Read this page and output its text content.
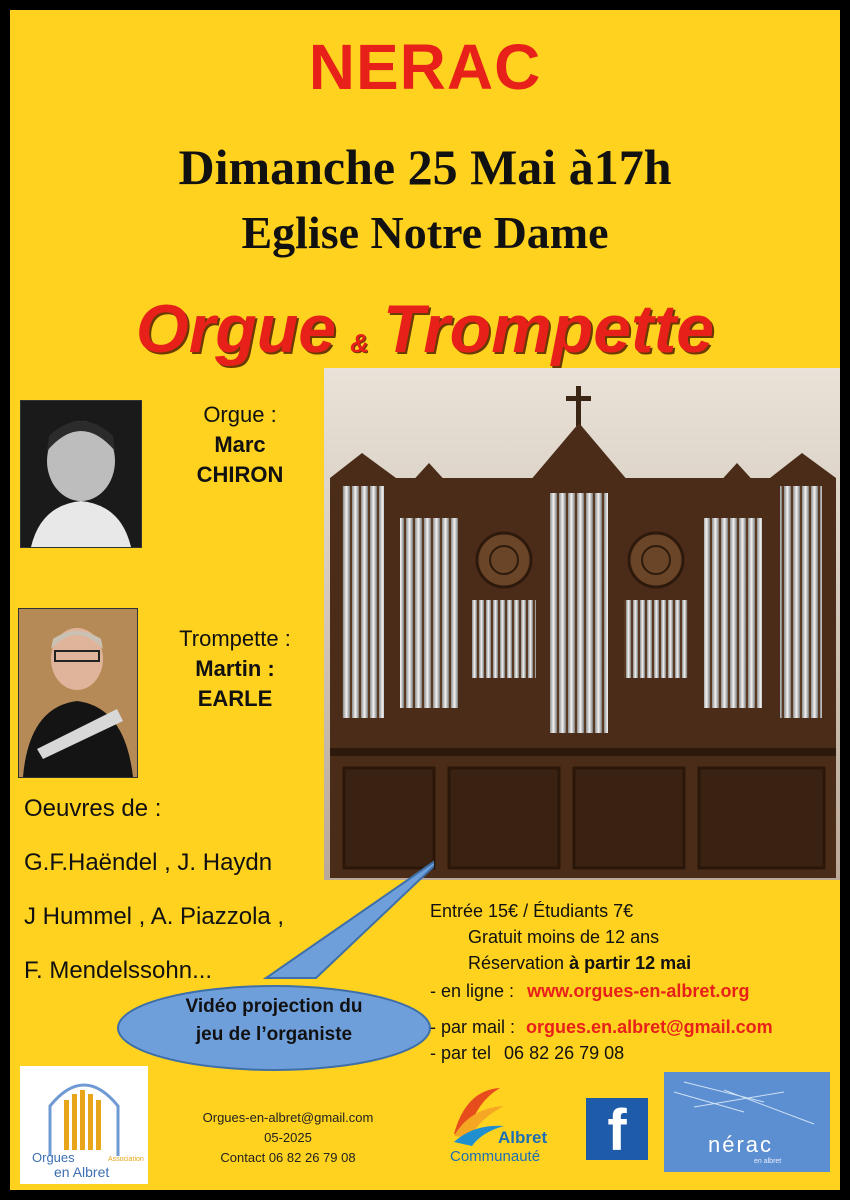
NERAC
Dimanche 25 Mai à17h
Eglise Notre Dame
Orgue & Trompette
Orgue :
Marc
CHIRON
Trompette :
Martin :
EARLE
Oeuvres de :
G.F.Haëndel , J. Haydn
J Hummel , A. Piazzola ,
F. Mendelssohn...
Vidéo projection du
jeu de l’organiste
Entrée 15€ / Étudiants 7€
Gratuit moins de 12 ans
Réservation à partir 12 mai
- en ligne : www.orgues-en-albret.org
- par mail : orgues.en.albret@gmail.com
- par tel 06 82 26 79 08
Orgues
en Albret
Association
Orgues-en-albret@gmail.com
05-2025
Contact 06 82 26 79 08
Albret
Communauté	f	nérac
en albret
